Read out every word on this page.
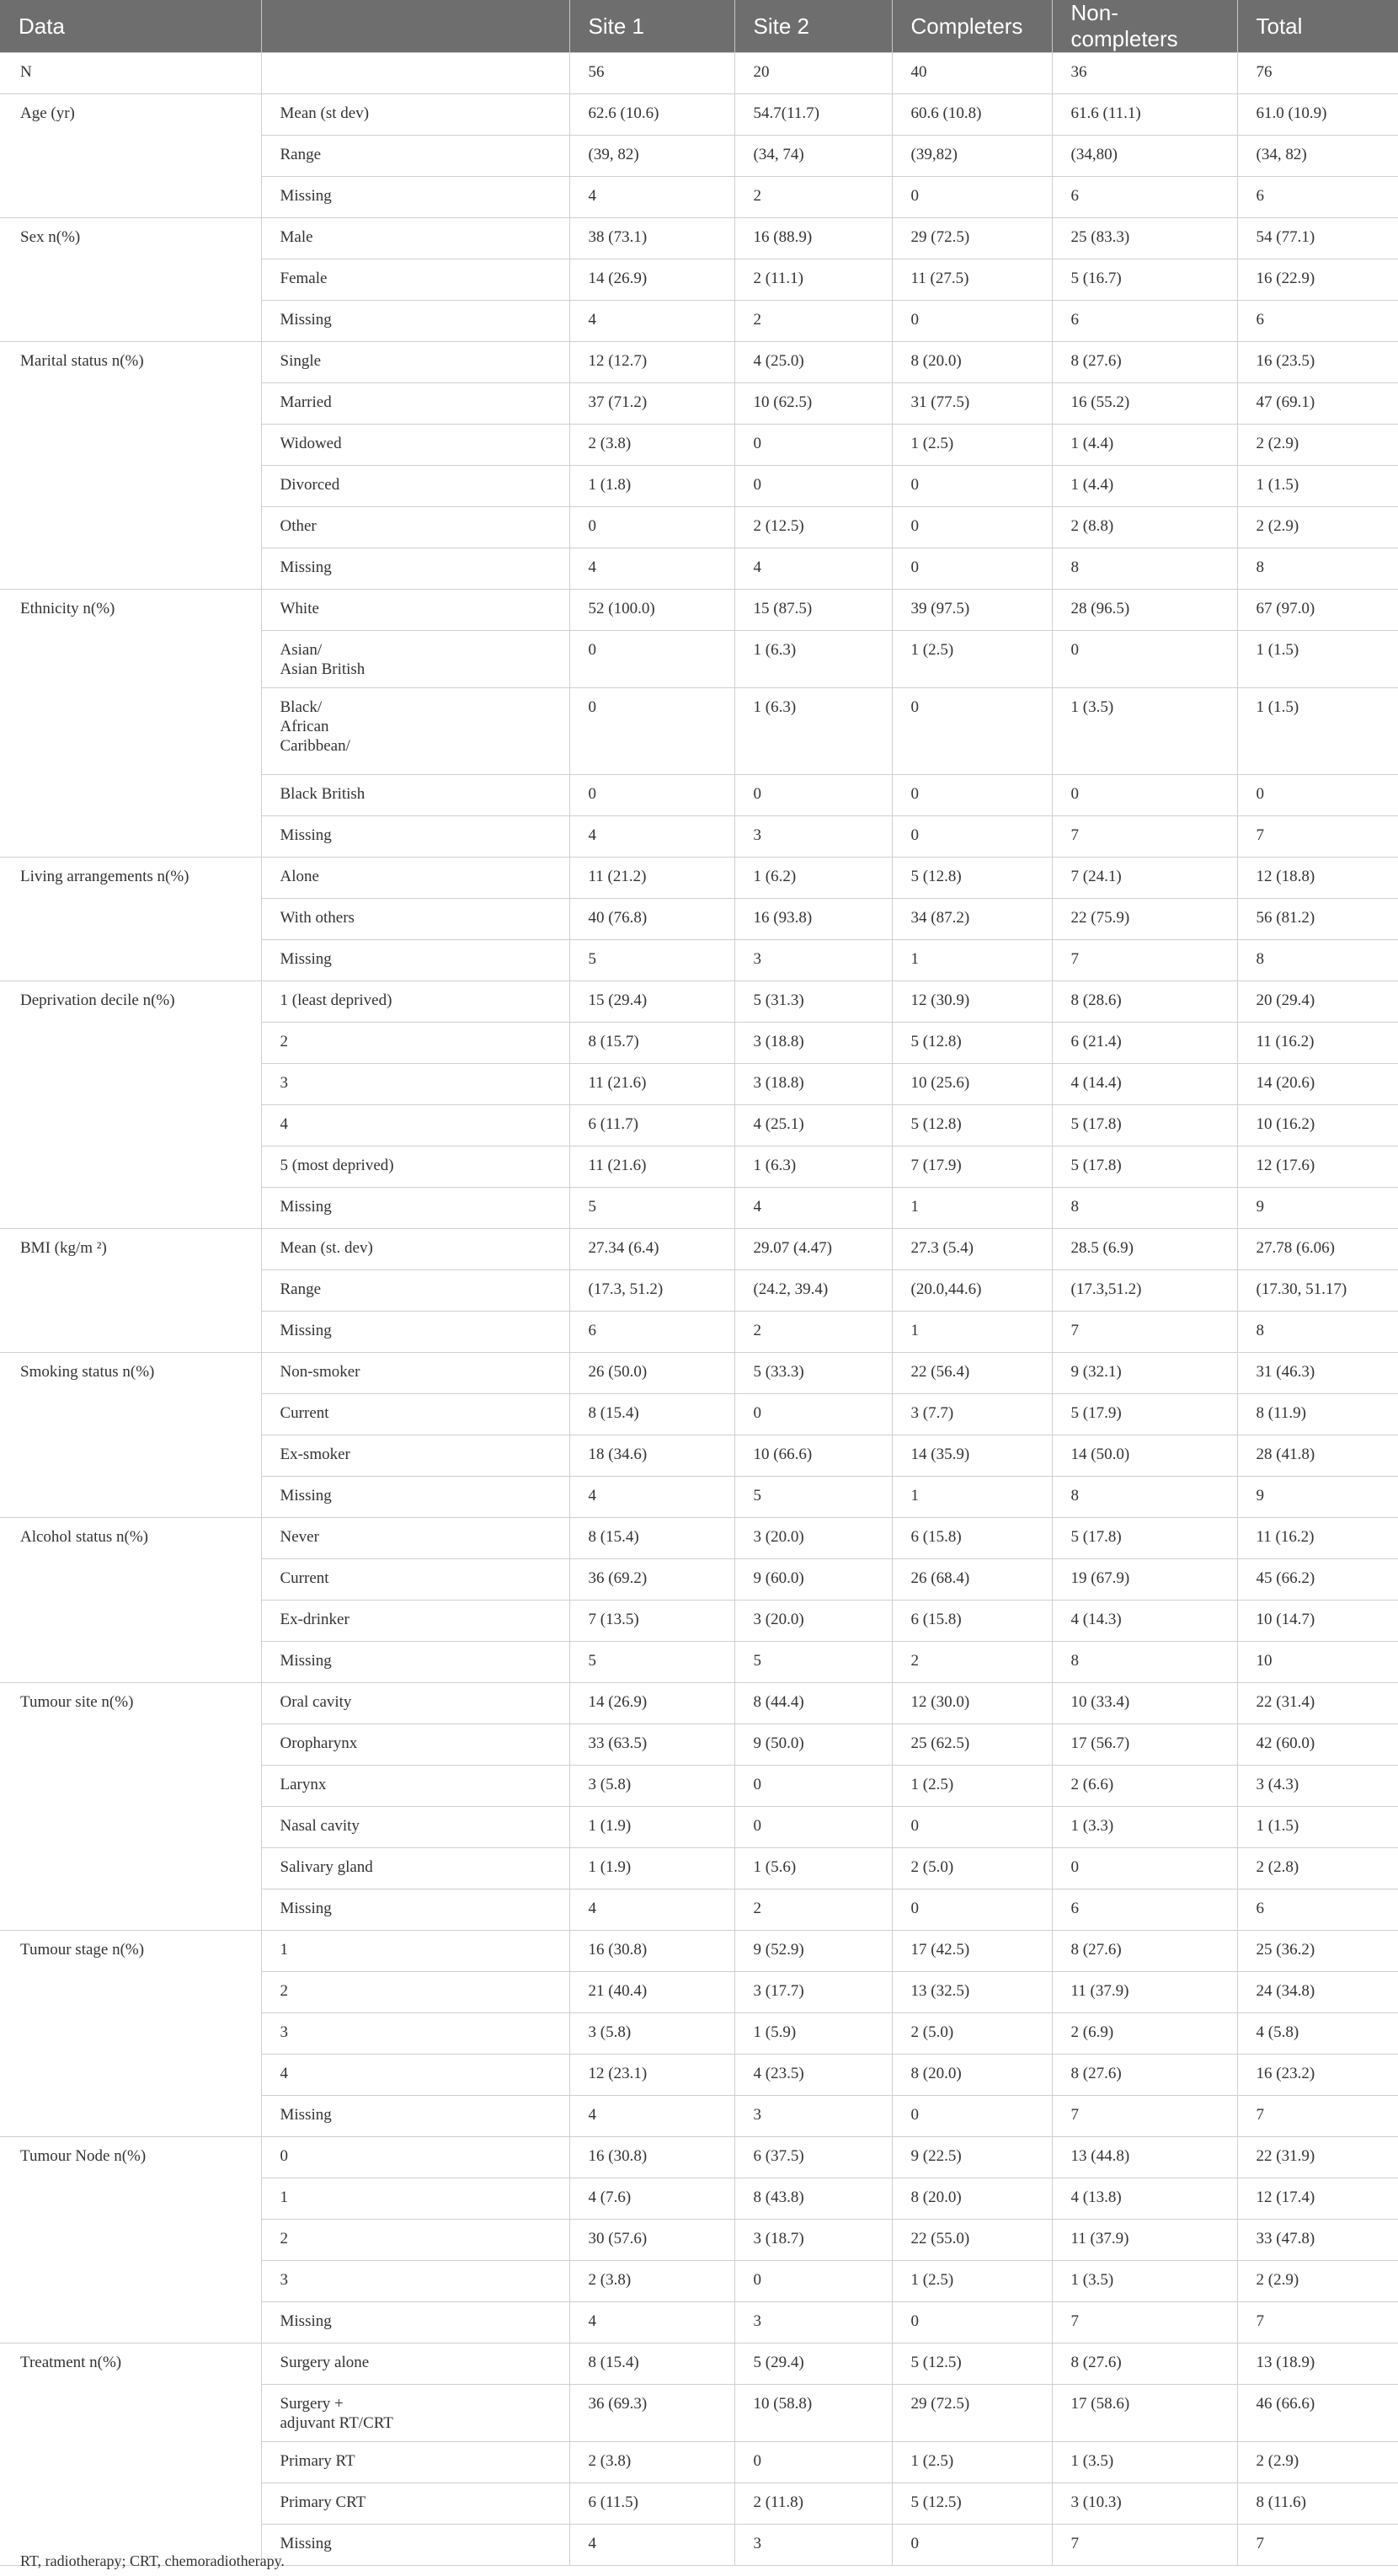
Data		Site 1	Site 2	Completers	Non-completers	Total
N		56	20	40	36	76
Age (yr)	Mean (st dev)	62.6 (10.6)	54.7(11.7)	60.6 (10.8)	61.6 (11.1)	61.0 (10.9)
	Range	(39, 82)	(34, 74)	(39,82)	(34,80)	(34, 82)
	Missing	4	2	0	6	6
Sex n(%)	Male	38 (73.1)	16 (88.9)	29 (72.5)	25 (83.3)	54 (77.1)
	Female	14 (26.9)	2 (11.1)	11 (27.5)	5 (16.7)	16 (22.9)
	Missing	4	2	0	6	6
Marital status n(%)	Single	12 (12.7)	4 (25.0)	8 (20.0)	8 (27.6)	16 (23.5)
	Married	37 (71.2)	10 (62.5)	31 (77.5)	16 (55.2)	47 (69.1)
	Widowed	2 (3.8)	0	1 (2.5)	1 (4.4)	2 (2.9)
	Divorced	1 (1.8)	0	0	1 (4.4)	1 (1.5)
	Other	0	2 (12.5)	0	2 (8.8)	2 (2.9)
	Missing	4	4	0	8	8
Ethnicity n(%)	White	52 (100.0)	15 (87.5)	39 (97.5)	28 (96.5)	67 (97.0)
	Asian/
Asian British	0	1 (6.3)	1 (2.5)	0	1 (1.5)
	Black/
African
Caribbean/	0	1 (6.3)	0	1 (3.5)	1 (1.5)
	Black British	0	0	0	0	0
	Missing	4	3	0	7	7
Living arrangements n(%)	Alone	11 (21.2)	1 (6.2)	5 (12.8)	7 (24.1)	12 (18.8)
	With others	40 (76.8)	16 (93.8)	34 (87.2)	22 (75.9)	56 (81.2)
	Missing	5	3	1	7	8
Deprivation decile n(%)	1 (least deprived)	15 (29.4)	5 (31.3)	12 (30.9)	8 (28.6)	20 (29.4)
	2	8 (15.7)	3 (18.8)	5 (12.8)	6 (21.4)	11 (16.2)
	3	11 (21.6)	3 (18.8)	10 (25.6)	4 (14.4)	14 (20.6)
	4	6 (11.7)	4 (25.1)	5 (12.8)	5 (17.8)	10 (16.2)
	5 (most deprived)	11 (21.6)	1 (6.3)	7 (17.9)	5 (17.8)	12 (17.6)
	Missing	5	4	1	8	9
BMI (kg/m ²)	Mean (st. dev)	27.34 (6.4)	29.07 (4.47)	27.3 (5.4)	28.5 (6.9)	27.78 (6.06)
	Range	(17.3, 51.2)	(24.2, 39.4)	(20.0,44.6)	(17.3,51.2)	(17.30, 51.17)
	Missing	6	2	1	7	8
Smoking status n(%)	Non-smoker	26 (50.0)	5 (33.3)	22 (56.4)	9 (32.1)	31 (46.3)
	Current	8 (15.4)	0	3 (7.7)	5 (17.9)	8 (11.9)
	Ex-smoker	18 (34.6)	10 (66.6)	14 (35.9)	14 (50.0)	28 (41.8)
	Missing	4	5	1	8	9
Alcohol status n(%)	Never	8 (15.4)	3 (20.0)	6 (15.8)	5 (17.8)	11 (16.2)
	Current	36 (69.2)	9 (60.0)	26 (68.4)	19 (67.9)	45 (66.2)
	Ex-drinker	7 (13.5)	3 (20.0)	6 (15.8)	4 (14.3)	10 (14.7)
	Missing	5	5	2	8	10
Tumour site n(%)	Oral cavity	14 (26.9)	8 (44.4)	12 (30.0)	10 (33.4)	22 (31.4)
	Oropharynx	33 (63.5)	9 (50.0)	25 (62.5)	17 (56.7)	42 (60.0)
	Larynx	3 (5.8)	0	1 (2.5)	2 (6.6)	3 (4.3)
	Nasal cavity	1 (1.9)	0	0	1 (3.3)	1 (1.5)
	Salivary gland	1 (1.9)	1 (5.6)	2 (5.0)	0	2 (2.8)
	Missing	4	2	0	6	6
Tumour stage n(%)	1	16 (30.8)	9 (52.9)	17 (42.5)	8 (27.6)	25 (36.2)
	2	21 (40.4)	3 (17.7)	13 (32.5)	11 (37.9)	24 (34.8)
	3	3 (5.8)	1 (5.9)	2 (5.0)	2 (6.9)	4 (5.8)
	4	12 (23.1)	4 (23.5)	8 (20.0)	8 (27.6)	16 (23.2)
	Missing	4	3	0	7	7
Tumour Node n(%)	0	16 (30.8)	6 (37.5)	9 (22.5)	13 (44.8)	22 (31.9)
	1	4 (7.6)	8 (43.8)	8 (20.0)	4 (13.8)	12 (17.4)
	2	30 (57.6)	3 (18.7)	22 (55.0)	11 (37.9)	33 (47.8)
	3	2 (3.8)	0	1 (2.5)	1 (3.5)	2 (2.9)
	Missing	4	3	0	7	7
Treatment n(%)	Surgery alone	8 (15.4)	5 (29.4)	5 (12.5)	8 (27.6)	13 (18.9)
	Surgery +
adjuvant RT/CRT	36 (69.3)	10 (58.8)	29 (72.5)	17 (58.6)	46 (66.6)
	Primary RT	2 (3.8)	0	1 (2.5)	1 (3.5)	2 (2.9)
	Primary CRT	6 (11.5)	2 (11.8)	5 (12.5)	3 (10.3)	8 (11.6)
	Missing	4	3	0	7	7
RT, radiotherapy; CRT, chemoradiotherapy.
